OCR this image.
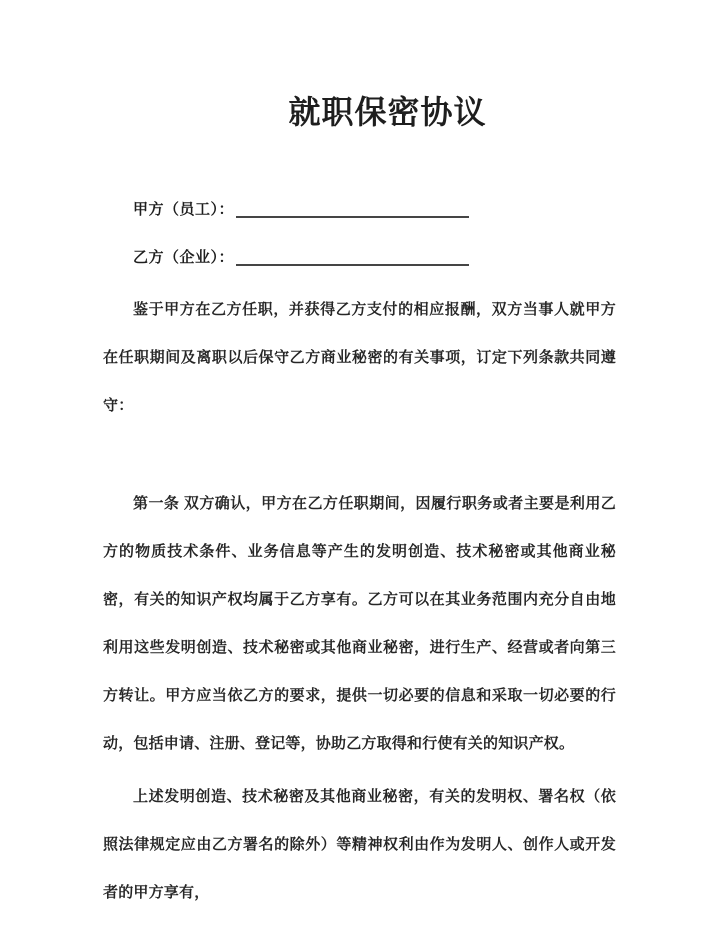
就职保密协议
甲方（员工）：
乙方（企业）：

鉴于甲方在乙方任职，并获得乙方支付的相应报酬，双方当事人就甲方在任职期间及离职以后保守乙方商业秘密的有关事项，订定下列条款共同遵守：

第一条 双方确认，甲方在乙方任职期间，因履行职务或者主要是利用乙方的物质技术条件、业务信息等产生的发明创造、技术秘密或其他商业秘密，有关的知识产权均属于乙方享有。乙方可以在其业务范围内充分自由地利用这些发明创造、技术秘密或其他商业秘密，进行生产、经营或者向第三方转让。甲方应当依乙方的要求，提供一切必要的信息和采取一切必要的行动，包括申请、注册、登记等，协助乙方取得和行使有关的知识产权。

上述发明创造、技术秘密及其他商业秘密，有关的发明权、署名权（依照法律规定应由乙方署名的除外）等精神权利由作为发明人、创作人或开发者的甲方享有，
